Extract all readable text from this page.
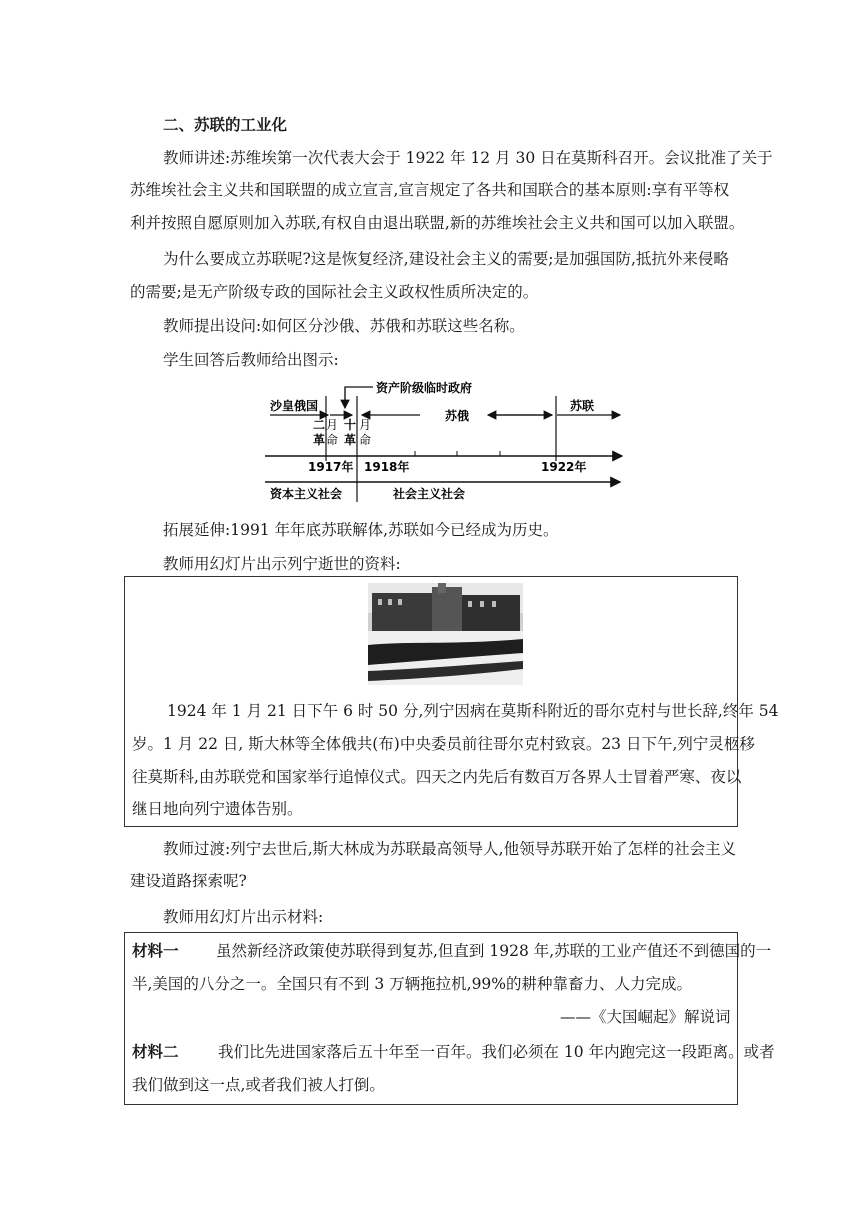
二、苏联的工业化
教师讲述:苏维埃第一次代表大会于 1922 年 12 月 30 日在莫斯科召开。会议批准了关于
苏维埃社会主义共和国联盟的成立宣言,宣言规定了各共和国联合的基本原则:享有平等权
利并按照自愿原则加入苏联,有权自由退出联盟,新的苏维埃社会主义共和国可以加入联盟。
为什么要成立苏联呢?这是恢复经济,建设社会主义的需要;是加强国防,抵抗外来侵略
的需要;是无产阶级专政的国际社会主义政权性质所决定的。
教师提出设问:如何区分沙俄、苏俄和苏联这些名称。
学生回答后教师给出图示:
资产阶级临时政府
沙皇俄国
苏俄
苏联
二 月
革 命
十 月
革 命
1917年 1918年	1922年
资本主义社会	社会主义社会
拓展延伸:1991 年年底苏联解体,苏联如今已经成为历史。
教师用幻灯片出示列宁逝世的资料:
1924 年 1 月 21 日下午 6 时 50 分,列宁因病在莫斯科附近的哥尔克村与世长辞,终年 54
岁。1 月 22 日, 斯大林等全体俄共(布)中央委员前往哥尔克村致哀。23 日下午,列宁灵柩移
往莫斯科,由苏联党和国家举行追悼仪式。四天之内先后有数百万各界人士冒着严寒、夜以
继日地向列宁遗体告别。
教师过渡:列宁去世后,斯大林成为苏联最高领导人,他领导苏联开始了怎样的社会主义
建设道路探索呢?
教师用幻灯片出示材料:
材料一 虽然新经济政策使苏联得到复苏,但直到 1928 年,苏联的工业产值还不到德国的一
半,美国的八分之一。全国只有不到 3 万辆拖拉机,99%的耕种靠畜力、人力完成。
——《大国崛起》解说词
材料二	我们比先进国家落后五十年至一百年。我们必须在 10 年内跑完这一段距离。或者
我们做到这一点,或者我们被人打倒。
